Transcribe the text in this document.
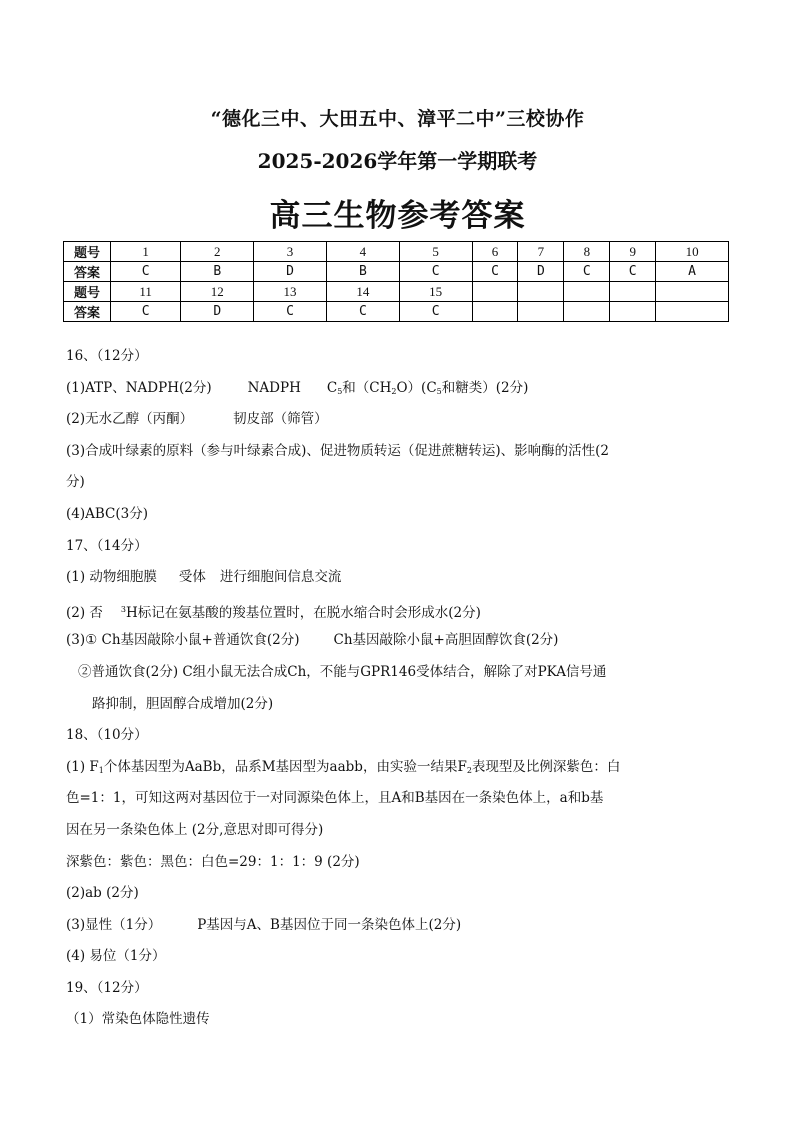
“德化三中、大田五中、漳平二中”三校协作
2025-2026学年第一学期联考
高三生物参考答案
题号	1	2	3	4	5	6	7	8	9	10
答案	C	B	D	B	C	C	D	C	C	A
题号	11	12	13	14	15					
答案	C	D	C	C	C					
16、（12分）
(1)ATP、NADPH(2分)	NADPH $C_5$和$(CH_2O)(C_5$和糖类）(2分)
(2)无水乙醇（丙酮）	韧皮部（筛管）
(3)合成叶绿素的原料（参与叶绿素合成)、促进物质转运（促进蔗糖转运)、影响酶的活性(2
分)
(4)ABC(3分)
17、（14分）
(1) 动物细胞膜 受体 进行细胞间信息交流
(2) 否 $^3$H标记在氨基酸的羧基位置时，在脱水缩合时会形成水(2分)
(3)① Ch基因敲除小鼠+普通饮食(2分)	Ch基因敲除小鼠+高胆固醇饮食(2分)
②普通饮食(2分) C组小鼠无法合成Ch，不能与GPR146受体结合，解除了对PKA信号通
路抑制，胆固醇合成增加(2分)
18、（10分）
(1) $F_1$个体基因型为AaBb，品系M基因型为aabb，由实验一结果$F_2$表现型及比例深紫色：白
色=1：1，可知这两对基因位于一对同源染色体上，且A和B基因在一条染色体上，a和b基
因在另一条染色体上 (2分,意思对即可得分)
深紫色：紫色：黑色：白色=29：1：1：9 (2分)
(2)ab (2分)
(3)显性（1分）	P基因与A、B基因位于同一条染色体上(2分)
(4) 易位（1分）
19、（12分）
（1）常染色体隐性遗传
